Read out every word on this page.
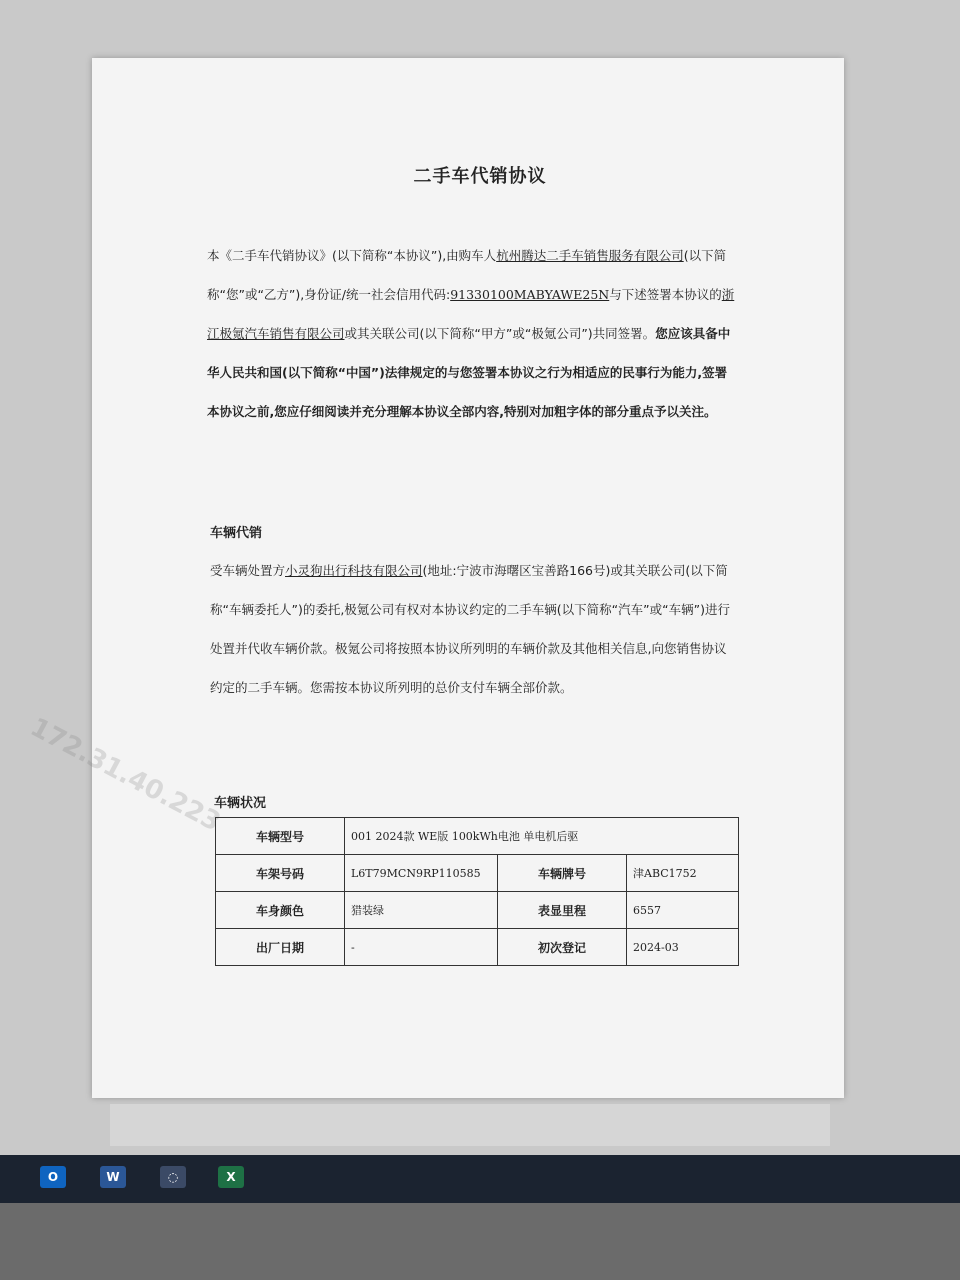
172.31.40.223
二手车代销协议
本《二手车代销协议》(以下简称“本协议”),由购车人杭州腾达二手车销售服务有限公司(以下简称“您”或“乙方”),身份证/统一社会信用代码:91330100MABYAWE25N与下述签署本协议的浙江极氪汽车销售有限公司或其关联公司(以下简称“甲方”或“极氪公司”)共同签署。您应该具备中华人民共和国(以下简称“中国”)法律规定的与您签署本协议之行为相适应的民事行为能力,签署本协议之前,您应仔细阅读并充分理解本协议全部内容,特别对加粗字体的部分重点予以关注。
车辆代销
受车辆处置方小灵狗出行科技有限公司(地址:宁波市海曙区宝善路166号)或其关联公司(以下简称“车辆委托人”)的委托,极氪公司有权对本协议约定的二手车辆(以下简称“汽车”或“车辆”)进行处置并代收车辆价款。极氪公司将按照本协议所列明的车辆价款及其他相关信息,向您销售协议约定的二手车辆。您需按本协议所列明的总价支付车辆全部价款。
车辆状况
车辆型号	001 2024款 WE版 100kWh电池 单电机后驱		
车架号码	L6T79MCN9RP110585	车辆牌号	津ABC1752
车身颜色	猎装绿	表显里程	6557
出厂日期	-	初次登记	2024-03
O	W	◌	X
